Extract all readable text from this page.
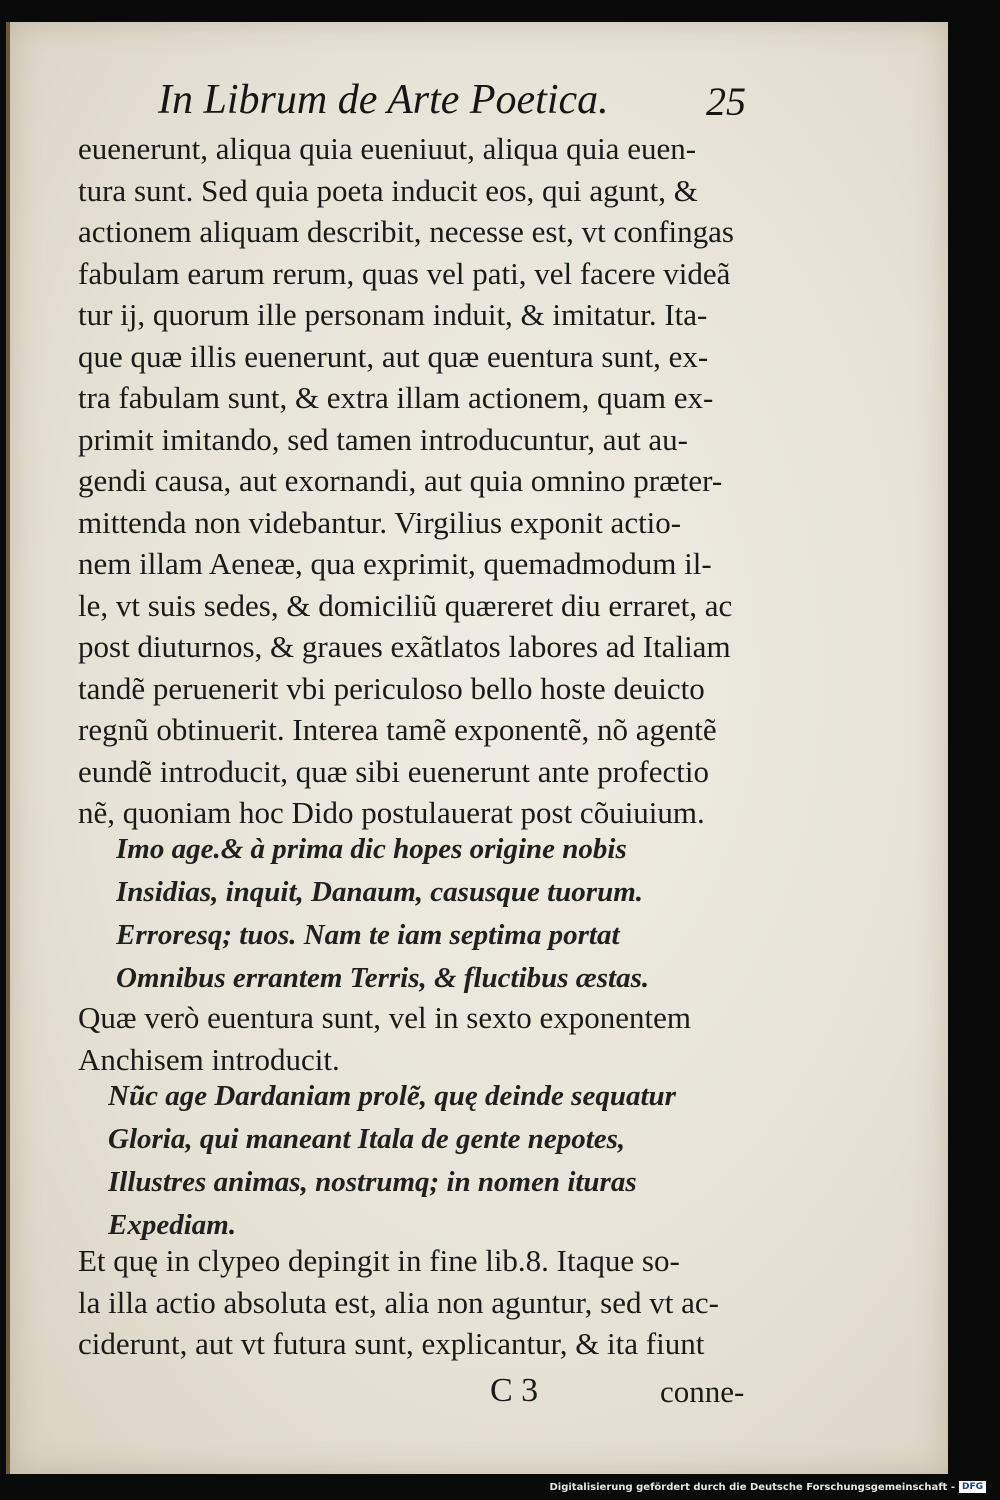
In Librum de Arte Poetica.	25
euenerunt, aliqua quia eueniuut, aliqua quia euen-
tura sunt. Sed quia poeta inducit eos, qui agunt, &
actionem aliquam describit, necesse est, vt confingas
fabulam earum rerum, quas vel pati, vel facere videã
tur ij, quorum ille personam induit, & imitatur. Ita-
que quæ illis euenerunt, aut quæ euentura sunt, ex-
tra fabulam sunt, & extra illam actionem, quam ex-
primit imitando, sed tamen introducuntur, aut au-
gendi causa, aut exornandi, aut quia omnino præter-
mittenda non videbantur. Virgilius exponit actio-
nem illam Aeneæ, qua exprimit, quemadmodum il-
le, vt suis sedes, & domiciliũ quæreret diu erraret, ac
post diuturnos, & graues exãtlatos labores ad Italiam
tandẽ peruenerit vbi periculoso bello hoste deuicto
regnũ obtinuerit. Interea tamẽ exponentẽ, nõ agentẽ
eundẽ introducit, quæ sibi euenerunt ante profectio
nẽ, quoniam hoc Dido postulauerat post cõuiuium.
Imo age.& à prima dic hopes origine nobis
Insidias, inquit, Danaum, casusque tuorum.
Erroresq; tuos. Nam te iam septima portat
Omnibus errantem Terris, & fluctibus æstas.
Quæ verò euentura sunt, vel in sexto exponentem
Anchisem introducit.
Nũc age Dardaniam prolẽ, quę deinde sequatur
Gloria, qui maneant Itala de gente nepotes,
Illustres animas, nostrumq; in nomen ituras
Expediam.
Et quę in clypeo depingit in fine lib.8. Itaque so-
la illa actio absoluta est, alia non aguntur, sed vt ac-
ciderunt, aut vt futura sunt, explicantur, & ita fiunt
C 3	conne-
Digitalisierung gefördert durch die Deutsche Forschungsgemeinschaft - DFG
